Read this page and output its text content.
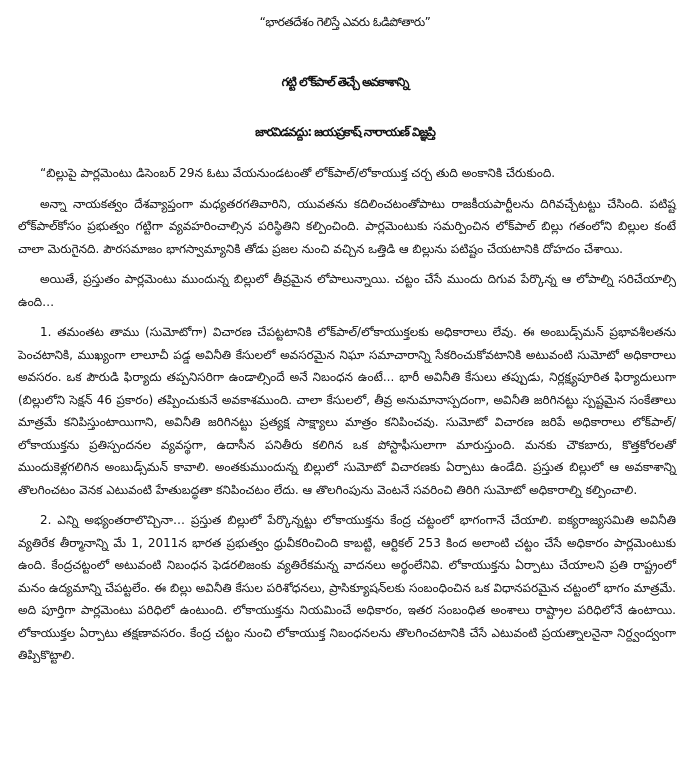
“భారతదేశం గెలిస్తే ఎవరు ఓడిపోతారు”
గట్టి లోక్‌పాల్ తెచ్చే అవకాశాన్ని
జారవిడవద్దు: జయప్రకాష్ నారాయణ్ విజ్ఞప్తి

“బిల్లుపై పార్లమెంటు డిసెంబర్ 29న ఓటు వేయనుండటంతో లోక్‌పాల్/లోకాయుక్త చర్చ తుది అంకానికి చేరుకుంది.

అన్నా నాయకత్వం దేశవ్యాప్తంగా మధ్యతరగతివారిని, యువతను కదిలించటంతోపాటు రాజకీయపార్టీలను దిగివచ్చేటట్టు చేసింది. పటిష్ట లోక్‌పాల్‌కోసం ప్రభుత్వం గట్టిగా వ్యవహరించాల్సిన పరిస్థితిని కల్పించింది. పార్లమెంటుకు సమర్పించిన లోక్‌పాల్ బిల్లు గతంలోని బిల్లుల కంటే చాలా మెరుగైనది. పౌరసమాజం భాగస్వామ్యానికి తోడు ప్రజల నుంచి వచ్చిన ఒత్తిడి ఆ బిల్లును పటిష్టం చేయటానికి దోహదం చేశాయి.

అయితే, ప్రస్తుతం పార్లమెంటు ముందున్న బిల్లులో తీవ్రమైన లోపాలున్నాయి. చట్టం చేసే ముందు దిగువ పేర్కొన్న ఆ లోపాల్ని సరిచేయాల్సి ఉంది…

1. తమంతట తాము (సుమోటోగా) విచారణ చేపట్టటానికి లోక్‌పాల్/లోకాయుక్తలకు అధికారాలు లేవు. ఈ అంబుడ్స్‌మన్ ప్రభావశీలతను పెంచటానికి, ముఖ్యంగా లాలూచీ పడ్డ అవినీతి కేసులలో అవసరమైన నిఘా సమాచారాన్ని సేకరించుకోవటానికి అటువంటి సుమోటో అధికారాలు అవసరం. ఒక పౌరుడి ఫిర్యాదు తప్పనిసరిగా ఉండాల్సిందే అనే నిబంధన ఉంటే... భారీ అవినీతి కేసులు తప్పుడు, నిర్లక్ష్యపూరిత ఫిర్యాదులుగా (బిల్లులోని సెక్షన్ 46 ప్రకారం) తప్పించుకునే అవకాశముంది. చాలా కేసులలో, తీవ్ర అనుమానాస్పదంగా, అవినీతి జరిగినట్టు స్పష్టమైన సంకేతాలు మాత్రమే కనిపిస్తుంటాయిగాని, అవినీతి జరిగినట్టు ప్రత్యక్ష సాక్ష్యాలు మాత్రం కనిపించవు. సుమోటో విచారణ జరిపే అధికారాలు లోక్‌పాల్/లోకాయుక్తను ప్రతిస్పందనల వ్యవస్థగా, ఉదాసీన పనితీరు కలిగిన ఒక పోస్టాఫీసులాగా మారుస్తుంది. మనకు చౌకబారు, కొత్తకోరలతో ముందుకెళ్లగలిగిన అంబుడ్స్‌మన్ కావాలి. అంతకుముందున్న బిల్లులో సుమోటో విచారణకు ఏర్పాటు ఉండేది. ప్రస్తుత బిల్లులో ఆ అవకాశాన్ని తొలగించటం వెనక ఎటువంటి హేతుబద్ధతా కనిపించటం లేదు. ఆ తొలగింపును వెంటనే సవరించి తిరిగి సుమోటో అధికారాల్ని కల్పించాలి.

2. ఎన్ని అభ్యంతరాలొచ్చినా… ప్రస్తుత బిల్లులో పేర్కొన్నట్టు లోకాయుక్తను కేంద్ర చట్టంలో భాగంగానే చేయాలి. ఐక్యరాజ్యసమితి అవినీతి వ్యతిరేక తీర్మానాన్ని మే 1, 2011న భారత ప్రభుత్వం ధ్రువీకరించింది కాబట్టి, ఆర్టికల్ 253 కింద అలాంటి చట్టం చేసే అధికారం పార్లమెంటుకు ఉంది. కేంద్రచట్టంలో అటువంటి నిబంధన ఫెడరలిజంకు వ్యతిరేకమన్న వాదనలు అర్థంలేనివి. లోకాయుక్తను ఏర్పాటు చేయాలని ప్రతి రాష్ట్రంలో మనం ఉద్యమాన్ని చేపట్టలేం. ఈ బిల్లు అవినీతి కేసుల పరిశోధనలు, ప్రాసిక్యూషన్‌లకు సంబంధించిన ఒక విధానపరమైన చట్టంలో భాగం మాత్రమే. అది పూర్తిగా పార్లమెంటు పరిధిలో ఉంటుంది. లోకాయుక్తను నియమించే అధికారం, ఇతర సంబంధిత అంశాలు రాష్ట్రాల పరిధిలోనే ఉంటాయి. లోకాయుక్తల ఏర్పాటు తక్షణావసరం. కేంద్ర చట్టం నుంచి లోకాయుక్త నిబంధనలను తొలగించటానికి చేసే ఎటువంటి ప్రయత్నాలనైనా నిర్ద్వంద్వంగా తిప్పికొట్టాలి.
